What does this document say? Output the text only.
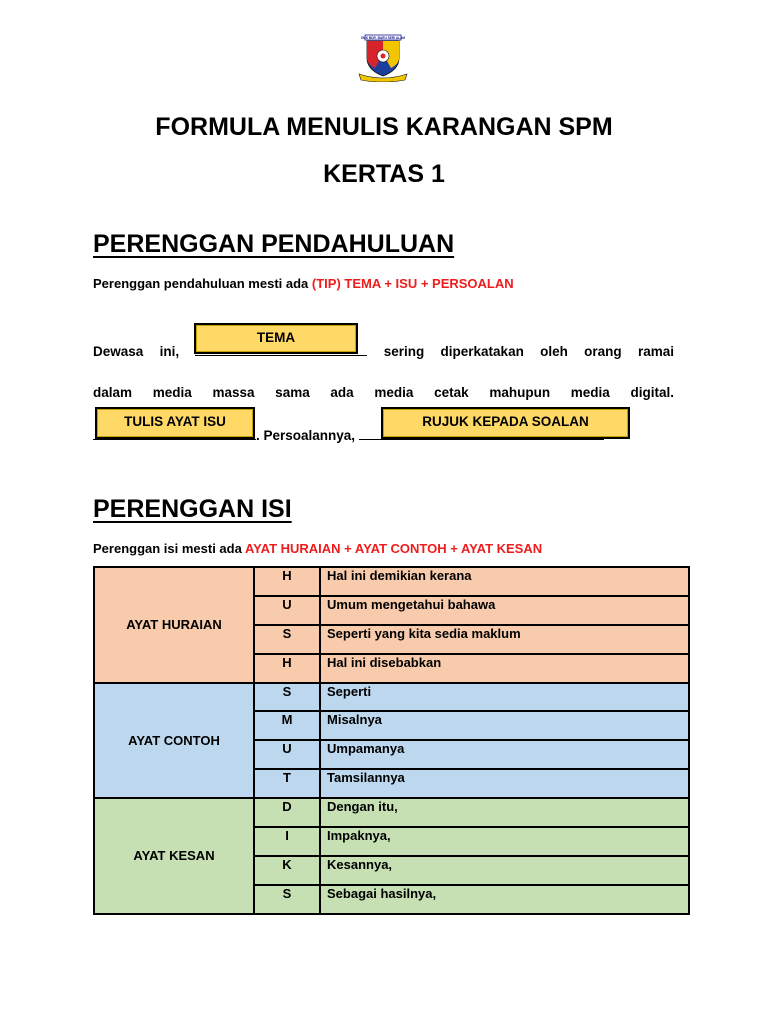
SMK BDR. BARU SERI ALAM
FORMULA MENULIS KARANGAN SPM
KERTAS 1
PERENGGAN PENDAHULUAN
Perenggan pendahuluan mesti ada (TIP) TEMA + ISU + PERSOALAN
TEMA
Dewasa ini,	sering diperkatakan oleh orang ramai
dalam media massa sama ada media cetak mahupun media digital.
TULIS AYAT ISU	RUJUK KEPADA SOALAN
. Persoalannya,
PERENGGAN ISI
Perenggan isi mesti ada AYAT HURAIAN + AYAT CONTOH + AYAT KESAN
AYAT HURAIAN	H	Hal ini demikian kerana
	U	Umum mengetahui bahawa
	S	Seperti yang kita sedia maklum
	H	Hal ini disebabkan
AYAT CONTOH	S	Seperti
	M	Misalnya
	U	Umpamanya
	T	Tamsilannya
AYAT KESAN	D	Dengan itu,
	I	Impaknya,
	K	Kesannya,
	S	Sebagai hasilnya,
